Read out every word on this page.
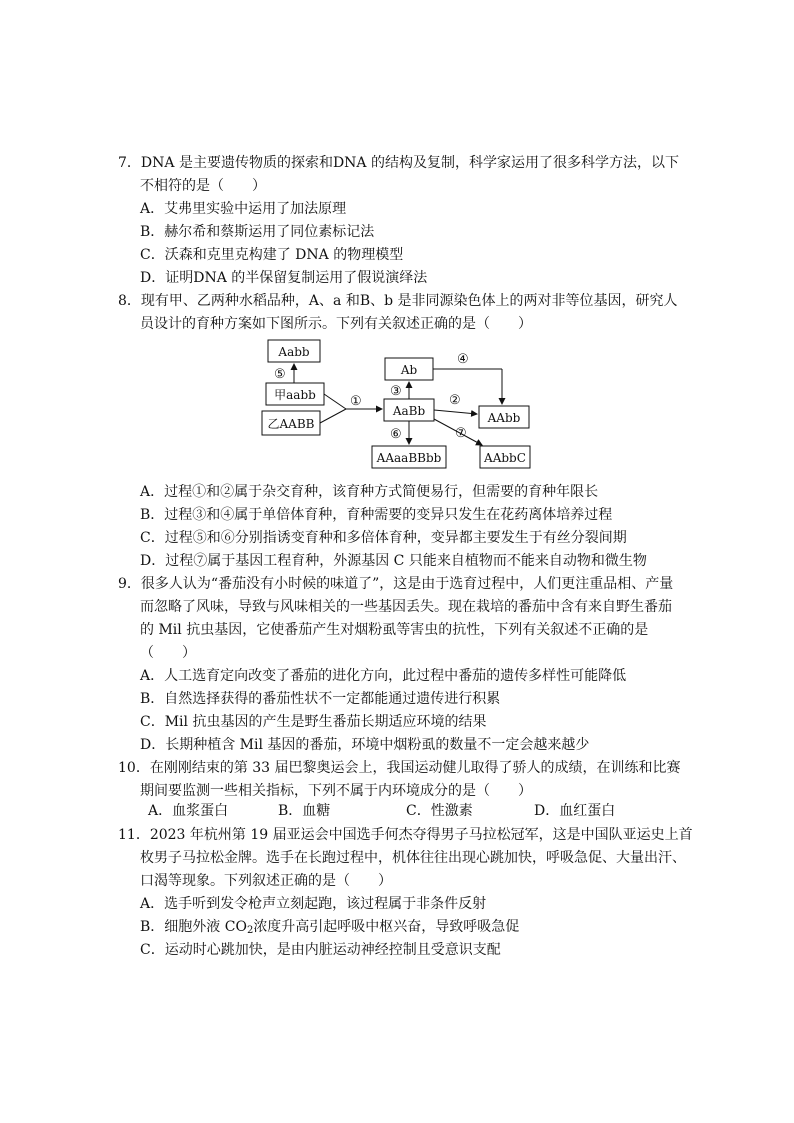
7．DNA 是主要遗传物质的探索和DNA 的结构及复制，科学家运用了很多科学方法，以下
不相符的是（　　）
A．艾弗里实验中运用了加法原理
B．赫尔希和蔡斯运用了同位素标记法
C．沃森和克里克构建了 DNA 的物理模型
D．证明DNA 的半保留复制运用了假说演绎法
8．现有甲、乙两种水稻品种，A、a 和B、b 是非同源染色体上的两对非等位基因，研究人
员设计的育种方案如下图所示。下列有关叙述正确的是（　　）
Aabb
甲aabb
乙AABB
Ab
AaBb	AAbb
AAaaBBbb	AAbbC
⑤
①
③
④
②
⑥	⑦
A．过程①和②属于杂交育种，该育种方式简便易行，但需要的育种年限长
B．过程③和④属于单倍体育种，育种需要的变异只发生在花药离体培养过程
C．过程⑤和⑥分别指诱变育种和多倍体育种，变异都主要发生于有丝分裂间期
D．过程⑦属于基因工程育种，外源基因 C 只能来自植物而不能来自动物和微生物
9．很多人认为“番茄没有小时候的味道了”，这是由于选育过程中，人们更注重品相、产量
而忽略了风味，导致与风味相关的一些基因丢失。现在栽培的番茄中含有来自野生番茄
的 Mil 抗虫基因，它使番茄产生对烟粉虱等害虫的抗性，下列有关叙述不正确的是
（　　）
A．人工选育定向改变了番茄的进化方向，此过程中番茄的遗传多样性可能降低
B．自然选择获得的番茄性状不一定都能通过遗传进行积累
C．Mil 抗虫基因的产生是野生番茄长期适应环境的结果
D．长期种植含 Mil 基因的番茄，环境中烟粉虱的数量不一定会越来越少
10．在刚刚结束的第 33 届巴黎奥运会上，我国运动健儿取得了骄人的成绩，在训练和比赛
期间要监测一些相关指标，下列不属于内环境成分的是（　　）
A．血浆蛋白	B．血糖	C．性激素	D．血红蛋白
11．2023 年杭州第 19 届亚运会中国选手何杰夺得男子马拉松冠军，这是中国队亚运史上首
枚男子马拉松金牌。选手在长跑过程中，机体往往出现心跳加快，呼吸急促、大量出汗、
口渴等现象。下列叙述正确的是（　　）
A．选手听到发令枪声立刻起跑，该过程属于非条件反射
B．细胞外液 $CO_2$浓度升高引起呼吸中枢兴奋，导致呼吸急促
C．运动时心跳加快，是由内脏运动神经控制且受意识支配
